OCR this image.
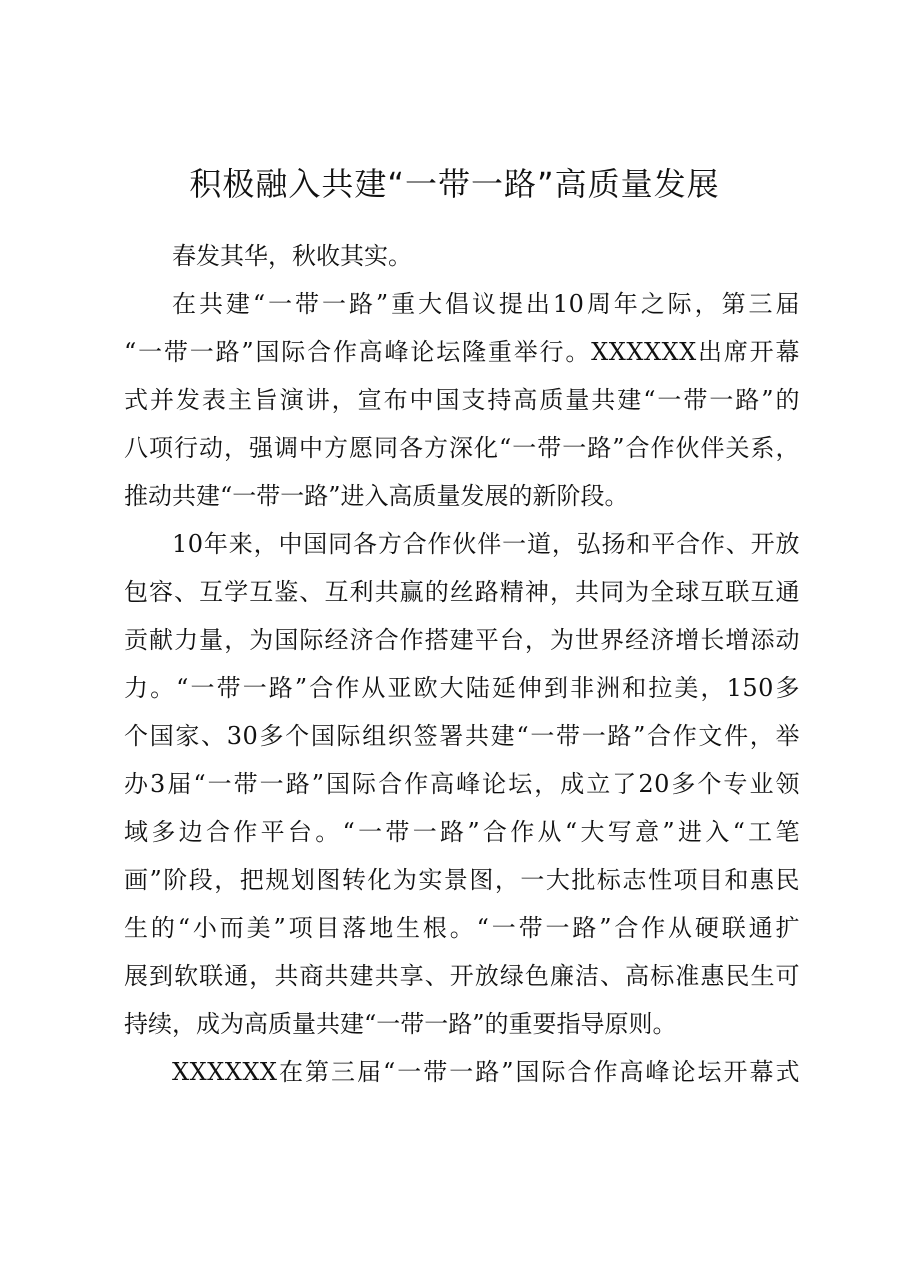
积极融入共建“一带一路”高质量发展

春发其华，秋收其实。

在共建“一带一路”重大倡议提出10周年之际，第三届

“一带一路”国际合作高峰论坛隆重举行。XXXXXX出席开幕

式并发表主旨演讲，宣布中国支持高质量共建“一带一路”的

八项行动，强调中方愿同各方深化“一带一路”合作伙伴关系，

推动共建“一带一路”进入高质量发展的新阶段。

10年来，中国同各方合作伙伴一道，弘扬和平合作、开放

包容、互学互鉴、互利共赢的丝路精神，共同为全球互联互通

贡献力量，为国际经济合作搭建平台，为世界经济增长增添动

力。“一带一路”合作从亚欧大陆延伸到非洲和拉美，150多

个国家、30多个国际组织签署共建“一带一路”合作文件，举

办3届“一带一路”国际合作高峰论坛，成立了20多个专业领

域多边合作平台。“一带一路”合作从“大写意”进入“工笔

画”阶段，把规划图转化为实景图，一大批标志性项目和惠民

生的“小而美”项目落地生根。“一带一路”合作从硬联通扩

展到软联通，共商共建共享、开放绿色廉洁、高标准惠民生可

持续，成为高质量共建“一带一路”的重要指导原则。

XXXXXX在第三届“一带一路”国际合作高峰论坛开幕式
